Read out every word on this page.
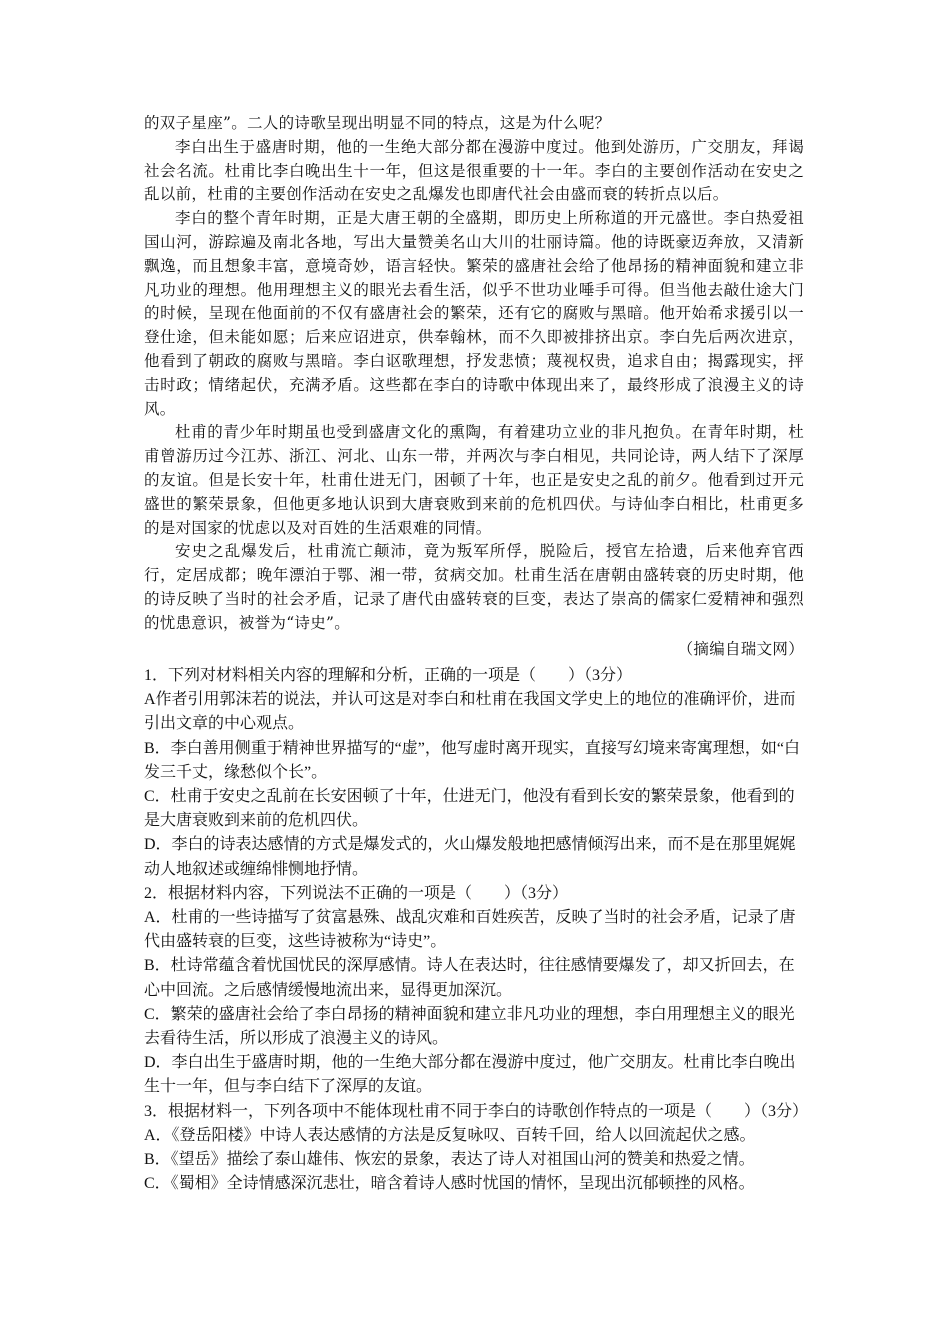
的双子星座”。二人的诗歌呈现出明显不同的特点，这是为什么呢？

李白出生于盛唐时期，他的一生绝大部分都在漫游中度过。他到处游历，广交朋友，拜谒社会名流。杜甫比李白晚出生十一年，但这是很重要的十一年。李白的主要创作活动在安史之乱以前，杜甫的主要创作活动在安史之乱爆发也即唐代社会由盛而衰的转折点以后。

李白的整个青年时期，正是大唐王朝的全盛期，即历史上所称道的开元盛世。李白热爱祖国山河，游踪遍及南北各地，写出大量赞美名山大川的壮丽诗篇。他的诗既豪迈奔放，又清新飘逸，而且想象丰富，意境奇妙，语言轻快。繁荣的盛唐社会给了他昂扬的精神面貌和建立非凡功业的理想。他用理想主义的眼光去看生活，似乎不世功业唾手可得。但当他去敲仕途大门的时候，呈现在他面前的不仅有盛唐社会的繁荣，还有它的腐败与黑暗。他开始希求援引以一登仕途，但未能如愿；后来应诏进京，供奉翰林，而不久即被排挤出京。李白先后两次进京，他看到了朝政的腐败与黑暗。李白讴歌理想，抒发悲愤；蔑视权贵，追求自由；揭露现实，抨击时政；情绪起伏，充满矛盾。这些都在李白的诗歌中体现出来了，最终形成了浪漫主义的诗风。

杜甫的青少年时期虽也受到盛唐文化的熏陶，有着建功立业的非凡抱负。在青年时期，杜甫曾游历过今江苏、浙江、河北、山东一带，并两次与李白相见，共同论诗，两人结下了深厚的友谊。但是长安十年，杜甫仕进无门，困顿了十年，也正是安史之乱的前夕。他看到过开元盛世的繁荣景象，但他更多地认识到大唐衰败到来前的危机四伏。与诗仙李白相比，杜甫更多的是对国家的忧虑以及对百姓的生活艰难的同情。

安史之乱爆发后，杜甫流亡颠沛，竟为叛军所俘，脱险后，授官左拾遗，后来他弃官西行，定居成都；晚年漂泊于鄂、湘一带，贫病交加。杜甫生活在唐朝由盛转衰的历史时期，他的诗反映了当时的社会矛盾，记录了唐代由盛转衰的巨变，表达了崇高的儒家仁爱精神和强烈的忧患意识，被誉为“诗史”。

（摘编自瑞文网）

1．下列对材料相关内容的理解和分析，正确的一项是（　　）（3分）

A作者引用郭沫若的说法，并认可这是对李白和杜甫在我国文学史上的地位的准确评价，进而引出文章的中心观点。

B．李白善用侧重于精神世界描写的“虚”，他写虚时离开现实，直接写幻境来寄寓理想，如“白发三千丈，缘愁似个长”。

C．杜甫于安史之乱前在长安困顿了十年，仕进无门，他没有看到长安的繁荣景象，他看到的是大唐衰败到来前的危机四伏。

D．李白的诗表达感情的方式是爆发式的，火山爆发般地把感情倾泻出来，而不是在那里娓娓动人地叙述或缠绵悱恻地抒情。

2．根据材料内容，下列说法不正确的一项是（　　）（3分）

A．杜甫的一些诗描写了贫富悬殊、战乱灾难和百姓疾苦，反映了当时的社会矛盾，记录了唐代由盛转衰的巨变，这些诗被称为“诗史”。

B．杜诗常蕴含着忧国忧民的深厚感情。诗人在表达时，往往感情要爆发了，却又折回去，在心中回流。之后感情缓慢地流出来，显得更加深沉。

C．繁荣的盛唐社会给了李白昂扬的精神面貌和建立非凡功业的理想，李白用理想主义的眼光去看待生活，所以形成了浪漫主义的诗风。

D．李白出生于盛唐时期，他的一生绝大部分都在漫游中度过，他广交朋友。杜甫比李白晚出生十一年，但与李白结下了深厚的友谊。

3．根据材料一，下列各项中不能体现杜甫不同于李白的诗歌创作特点的一项是（　　）（3分）

A．《登岳阳楼》中诗人表达感情的方法是反复咏叹、百转千回，给人以回流起伏之感。

B．《望岳》描绘了泰山雄伟、恢宏的景象，表达了诗人对祖国山河的赞美和热爱之情。

C．《蜀相》全诗情感深沉悲壮，暗含着诗人感时忧国的情怀，呈现出沉郁顿挫的风格。
